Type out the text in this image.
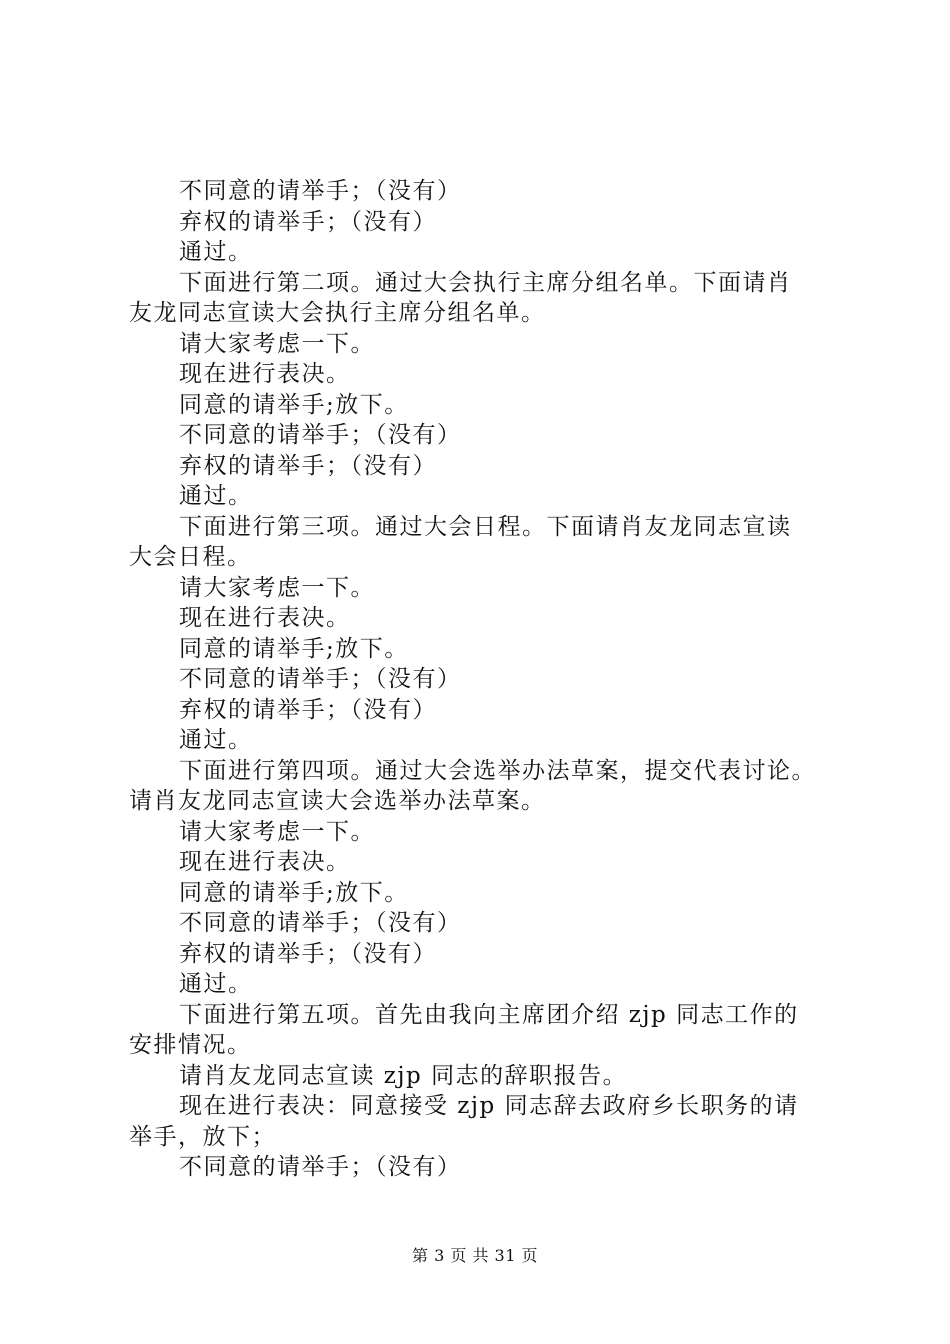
不同意的请举手；（没有）
弃权的请举手；（没有）
通过。
下面进行第二项。通过大会执行主席分组名单。下面请肖
友龙同志宣读大会执行主席分组名单。
请大家考虑一下。
现在进行表决。
同意的请举手;放下。
不同意的请举手；（没有）
弃权的请举手；（没有）
通过。
下面进行第三项。通过大会日程。下面请肖友龙同志宣读
大会日程。
请大家考虑一下。
现在进行表决。
同意的请举手;放下。
不同意的请举手；（没有）
弃权的请举手；（没有）
通过。
下面进行第四项。通过大会选举办法草案，提交代表讨论。
请肖友龙同志宣读大会选举办法草案。
请大家考虑一下。
现在进行表决。
同意的请举手;放下。
不同意的请举手；（没有）
弃权的请举手；（没有）
通过。
下面进行第五项。首先由我向主席团介绍 zjp 同志工作的
安排情况。
请肖友龙同志宣读 zjp 同志的辞职报告。
现在进行表决：同意接受 zjp 同志辞去政府乡长职务的请
举手，放下；
不同意的请举手；（没有）
第 3 页 共 31 页
